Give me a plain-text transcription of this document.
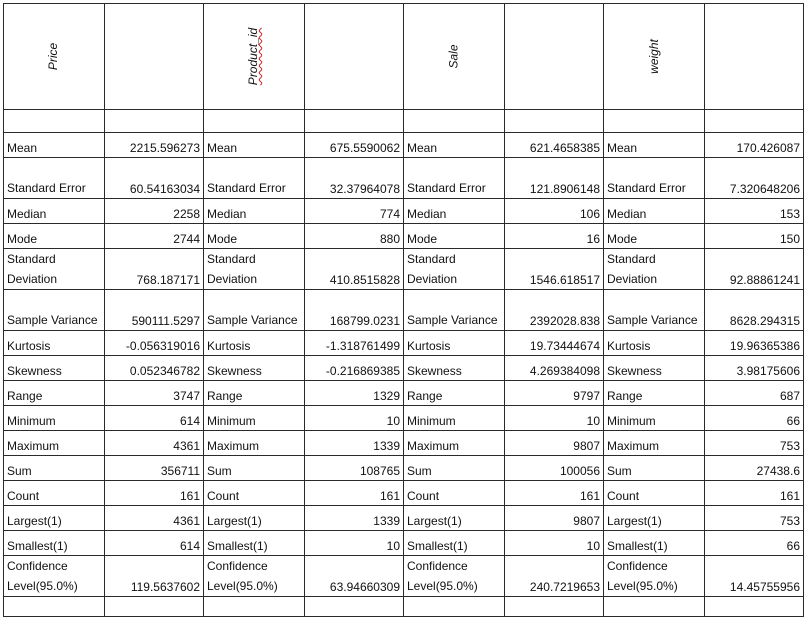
Price		Product_id		Sale		weight	

Mean	2215.596273	Mean	675.5590062	Mean	621.4658385	Mean	170.426087
Standard Error	60.54163034	Standard Error	32.37964078	Standard Error	121.8906148	Standard Error	7.320648206
Median	2258	Median	774	Median	106	Median	153
Mode	2744	Mode	880	Mode	16	Mode	150
Standard Deviation	768.187171	Standard Deviation	410.8515828	Standard Deviation	1546.618517	Standard Deviation	92.88861241
Sample Variance	590111.5297	Sample Variance	168799.0231	Sample Variance	2392028.838	Sample Variance	8628.294315
Kurtosis	-0.056319016	Kurtosis	-1.318761499	Kurtosis	19.73444674	Kurtosis	19.96365386
Skewness	0.052346782	Skewness	-0.216869385	Skewness	4.269384098	Skewness	3.98175606
Range	3747	Range	1329	Range	9797	Range	687
Minimum	614	Minimum	10	Minimum	10	Minimum	66
Maximum	4361	Maximum	1339	Maximum	9807	Maximum	753
Sum	356711	Sum	108765	Sum	100056	Sum	27438.6
Count	161	Count	161	Count	161	Count	161
Largest(1)	4361	Largest(1)	1339	Largest(1)	9807	Largest(1)	753
Smallest(1)	614	Smallest(1)	10	Smallest(1)	10	Smallest(1)	66
Confidence Level(95.0%)	119.5637602	Confidence Level(95.0%)	63.94660309	Confidence Level(95.0%)	240.7219653	Confidence Level(95.0%)	14.45755956
